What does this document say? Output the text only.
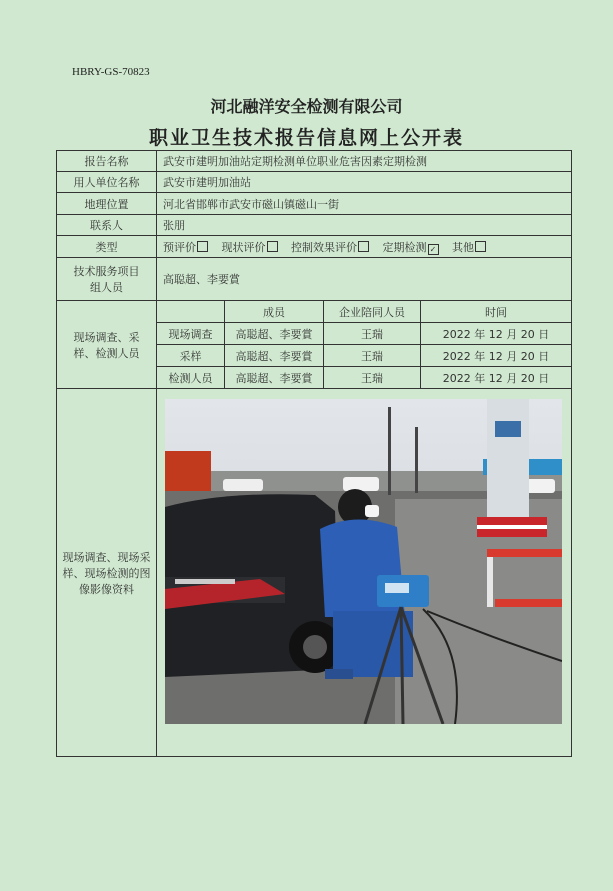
HBRY-GS-70823
河北融洋安全检测有限公司
职业卫生技术报告信息网上公开表
报告名称	武安市建明加油站定期检测单位职业危害因素定期检测			
用人单位名称	武安市建明加油站			
地理位置	河北省邯郸市武安市磁山镇磁山一街			
联系人	张朋			
类型	预评价 现状评价 控制效果评价 定期检测 ✓ 其他			
技术服务项目组人员	高聪超、李要賞			
现场调查、采样、检测人员		成员	企业陪同人员	时间
	现场调查	高聪超、李要賞	王瑞	2022 年 12 月 20 日
	采样	高聪超、李要賞	王瑞	2022 年 12 月 20 日
	检测人员	高聪超、李要賞	王瑞	2022 年 12 月 20 日
现场调查、现场采样、现场检测的图像影像资料	
